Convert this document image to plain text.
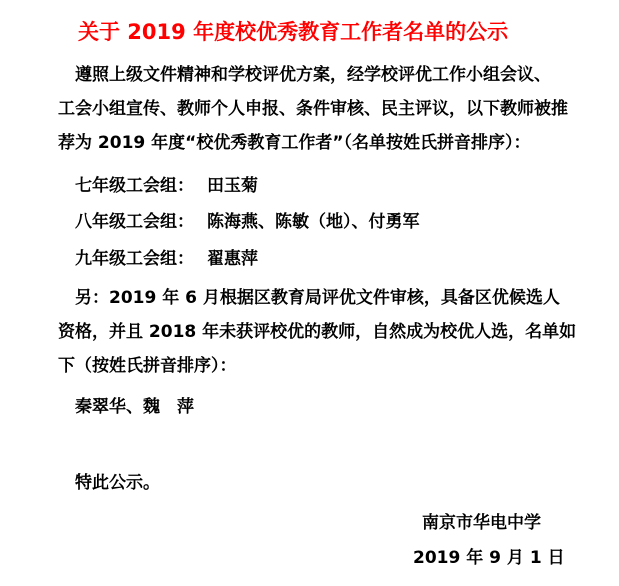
关于 2019 年度校优秀教育工作者名单的公示
遵照上级文件精神和学校评优方案，经学校评优工作小组会议、
工会小组宣传、教师个人申报、条件审核、民主评议，以下教师被推
荐为 2019 年度“校优秀教育工作者”（名单按姓氏拼音排序）：
七年级工会组： 田玉菊
八年级工会组： 陈海燕、陈敏（地）、付勇军
九年级工会组： 翟惠萍
另：2019 年 6 月根据区教育局评优文件审核，具备区优候选人
资格，并且 2018 年未获评校优的教师，自然成为校优人选，名单如
下（按姓氏拼音排序）：
秦翠华、魏　萍
特此公示。
南京市华电中学
2019 年 9 月 1 日
